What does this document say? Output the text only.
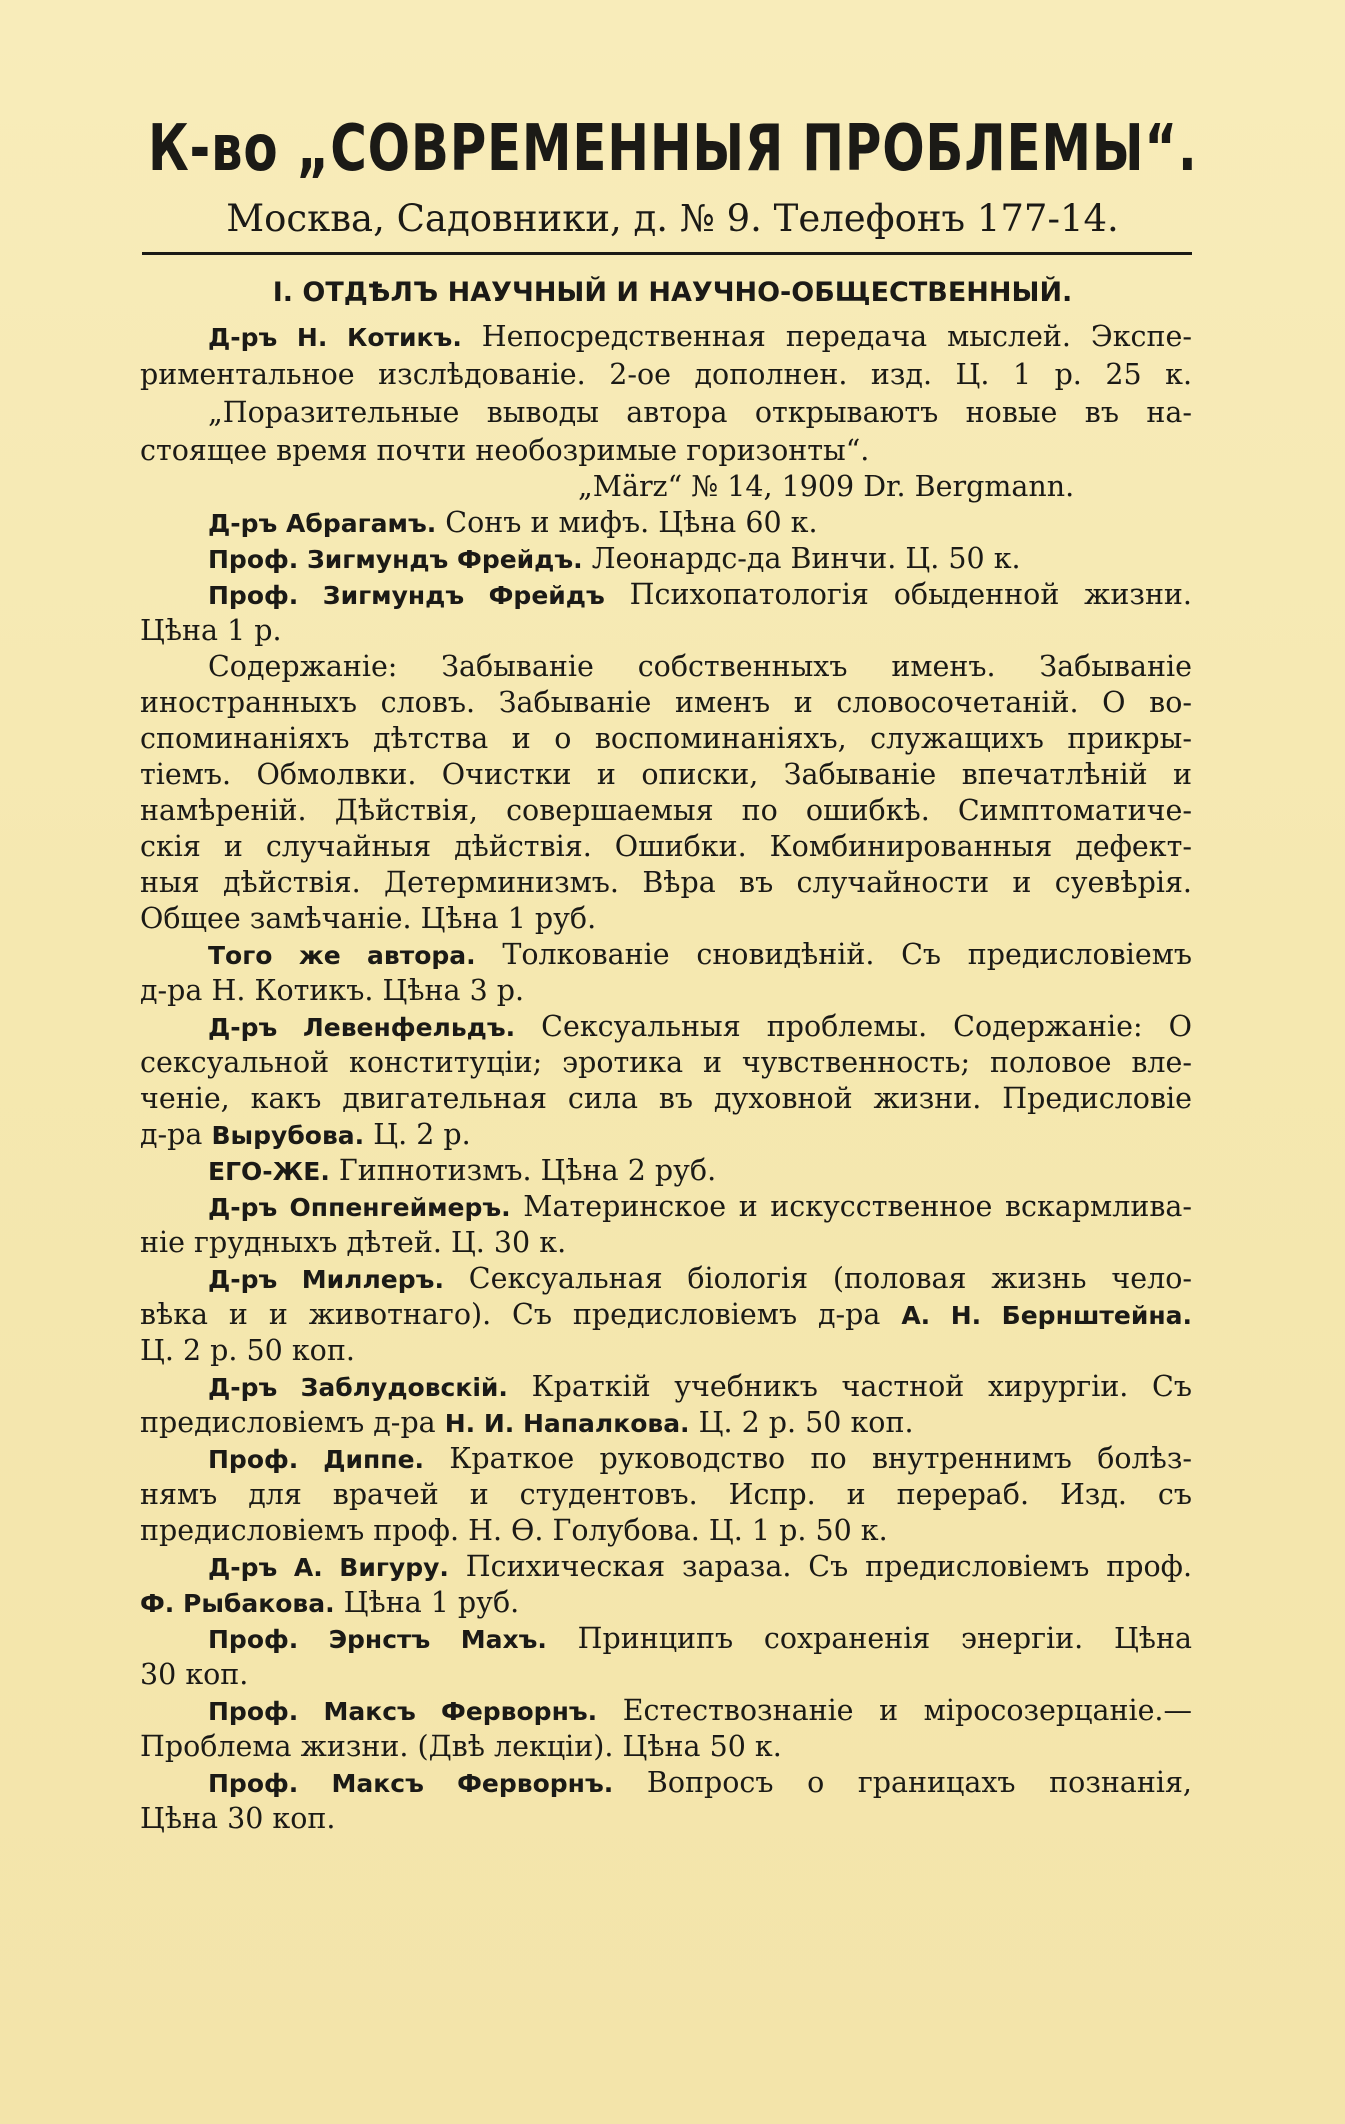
К-во „СОВРЕМЕННЫЯ ПРОБЛЕМЫ“.
Москва, Садовники, д. № 9. Телефонъ 177-14.
I. ОТДѢЛЪ НАУЧНЫЙ И НАУЧНО-ОБЩЕСТВЕННЫЙ.
Д-ръ Н. Котикъ. Непосредственная передача мыслей. Экспе-
риментальное изслѣдованіе. 2-ое дополнен. изд. Ц. 1 р. 25 к.
„Поразительные выводы автора открываютъ новые въ на-
стоящее время почти необозримые горизонты“.
„März“ № 14, 1909 Dr. Bergmann.
Д-ръ Абрагамъ. Сонъ и мифъ. Цѣна 60 к.
Проф. Зигмундъ Фрейдъ. Леонардс-да Винчи. Ц. 50 к.
Проф. Зигмундъ Фрейдъ Психопатологія обыденной жизни.
Цѣна 1 р.
Содержаніе: Забываніе собственныхъ именъ. Забываніе
иностранныхъ словъ. Забываніе именъ и словосочетаній. О во-
споминаніяхъ дѣтства и о воспоминаніяхъ, служащихъ прикры-
тіемъ. Обмолвки. Очистки и описки, Забываніе впечатлѣній и
намѣреній. Дѣйствія, совершаемыя по ошибкѣ. Симптоматиче-
скія и случайныя дѣйствія. Ошибки. Комбинированныя дефект-
ныя дѣйствія. Детерминизмъ. Вѣра въ случайности и суевѣрія.
Общее замѣчаніе. Цѣна 1 руб.
Того же автора. Толкованіе сновидѣній. Съ предисловіемъ
д-ра Н. Котикъ. Цѣна 3 р.
Д-ръ Левенфельдъ. Сексуальныя проблемы. Содержаніе: О
сексуальной конституціи; эротика и чувственность; половое вле-
ченіе, какъ двигательная сила въ духовной жизни. Предисловіе
д-ра Вырубова. Ц. 2 р.
ЕГО-ЖЕ. Гипнотизмъ. Цѣна 2 руб.
Д-ръ Оппенгеймеръ. Материнское и искусственное вскармлива-
ніе грудныхъ дѣтей. Ц. 30 к.
Д-ръ Миллеръ. Сексуальная біологія (половая жизнь чело-
вѣка и и животнаго). Съ предисловіемъ д-ра А. Н. Бернштейна.
Ц. 2 р. 50 коп.
Д-ръ Заблудовскій. Краткій учебникъ частной хирургіи. Съ
предисловіемъ д-ра Н. И. Напалкова. Ц. 2 р. 50 коп.
Проф. Диппе. Краткое руководство по внутреннимъ болѣз-
нямъ для врачей и студентовъ. Испр. и перераб. Изд. съ
предисловіемъ проф. Н. Ѳ. Голубова. Ц. 1 р. 50 к.
Д-ръ А. Вигуру. Психическая зараза. Съ предисловіемъ проф.
Ф. Рыбакова. Цѣна 1 руб.
Проф. Эрнстъ Махъ. Принципъ сохраненія энергіи. Цѣна
30 коп.
Проф. Максъ Ферворнъ. Естествознаніе и міросозерцаніе.—
Проблема жизни. (Двѣ лекціи). Цѣна 50 к.
Проф. Максъ Ферворнъ. Вопросъ о границахъ познанія,
Цѣна 30 коп.
